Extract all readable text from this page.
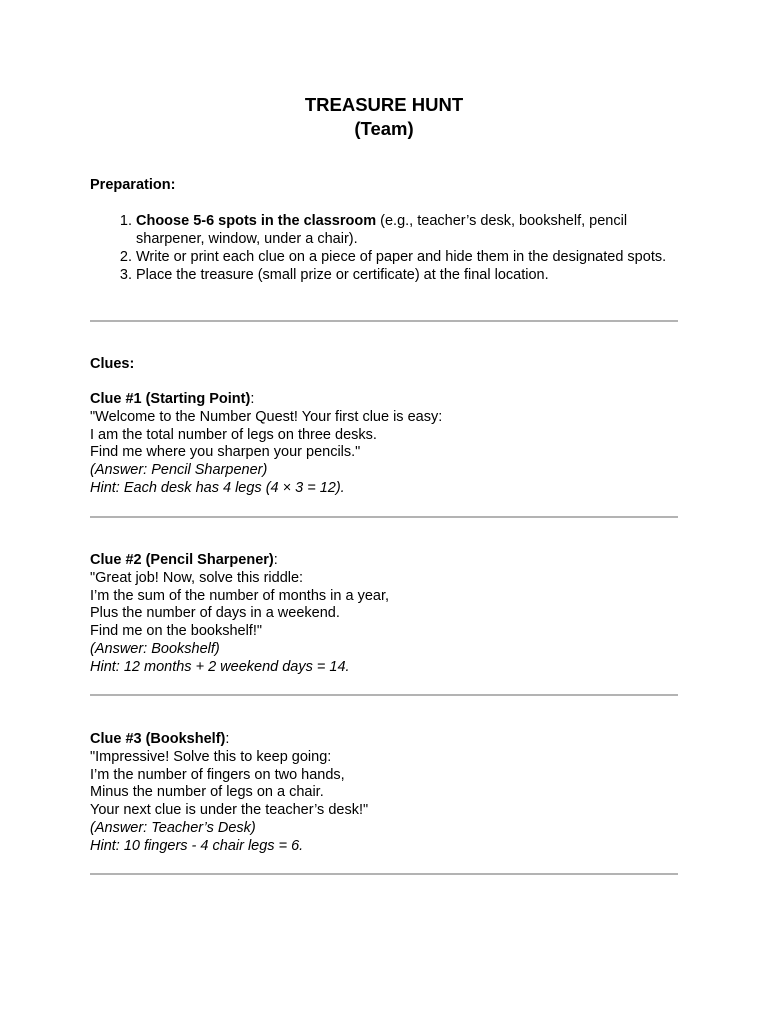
TREASURE HUNT
(Team)
Preparation:
1. Choose 5-6 spots in the classroom (e.g., teacher’s desk, bookshelf, pencil sharpener, window, under a chair).
2. Write or print each clue on a piece of paper and hide them in the designated spots.
3. Place the treasure (small prize or certificate) at the final location.
Clues:
Clue #1 (Starting Point):
"Welcome to the Number Quest! Your first clue is easy:
I am the total number of legs on three desks.
Find me where you sharpen your pencils."
(Answer: Pencil Sharpener)
Hint: Each desk has 4 legs (4 × 3 = 12).
Clue #2 (Pencil Sharpener):
"Great job! Now, solve this riddle:
I’m the sum of the number of months in a year,
Plus the number of days in a weekend.
Find me on the bookshelf!"
(Answer: Bookshelf)
Hint: 12 months + 2 weekend days = 14.
Clue #3 (Bookshelf):
"Impressive! Solve this to keep going:
I’m the number of fingers on two hands,
Minus the number of legs on a chair.
Your next clue is under the teacher’s desk!"
(Answer: Teacher’s Desk)
Hint: 10 fingers - 4 chair legs = 6.
